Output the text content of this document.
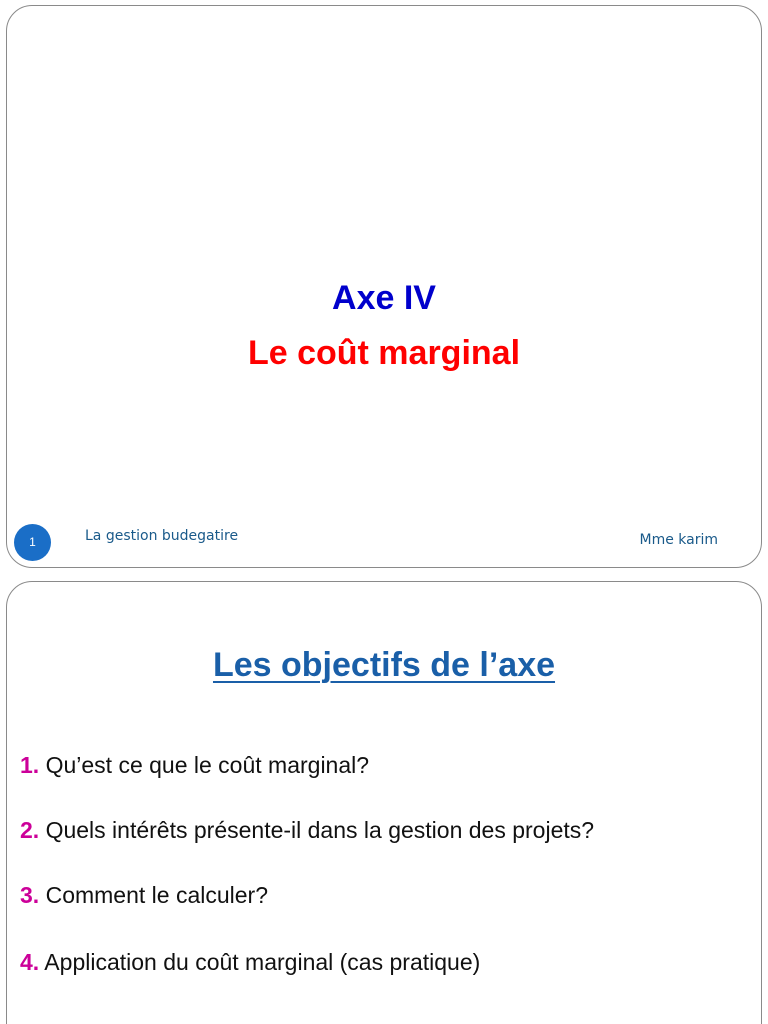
Axe IV
Le coût marginal
1	La gestion budegatire	Mme karim
Les objectifs de l’axe
1. Qu’est ce que le coût marginal?
2. Quels intérêts présente-il dans la gestion des projets?
3. Comment le calculer?
4. Application du coût marginal (cas pratique)
